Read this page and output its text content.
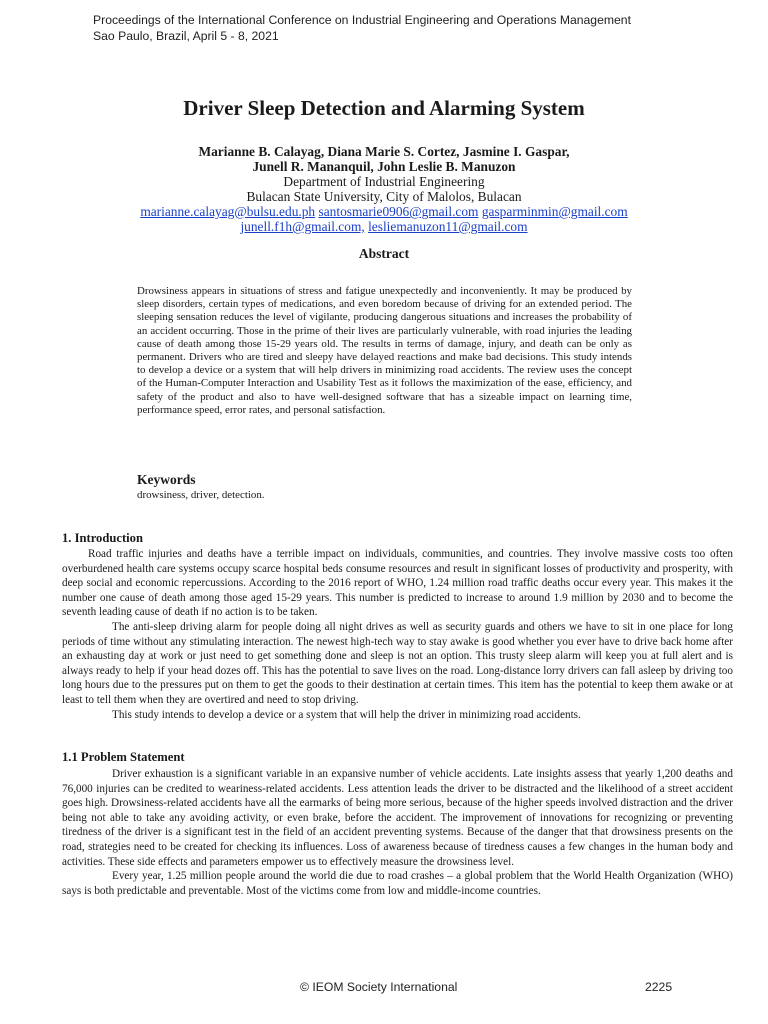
Proceedings of the International Conference on Industrial Engineering and Operations Management
Sao Paulo, Brazil, April 5 - 8, 2021
Driver Sleep Detection and Alarming System
Marianne B. Calayag, Diana Marie S. Cortez, Jasmine I. Gaspar,
Junell R. Mananquil, John Leslie B. Manuzon
Department of Industrial Engineering
Bulacan State University, City of Malolos, Bulacan
marianne.calayag@bulsu.edu.ph santosmarie0906@gmail.com gasparminmin@gmail.com
junell.f1h@gmail.com, lesliemanuzon11@gmail.com
Abstract
Drowsiness appears in situations of stress and fatigue unexpectedly and inconveniently. It may be produced by sleep disorders, certain types of medications, and even boredom because of driving for an extended period. The sleeping sensation reduces the level of vigilante, producing dangerous situations and increases the probability of an accident occurring. Those in the prime of their lives are particularly vulnerable, with road injuries the leading cause of death among those 15-29 years old. The results in terms of damage, injury, and death can be only as permanent. Drivers who are tired and sleepy have delayed reactions and make bad decisions. This study intends to develop a device or a system that will help drivers in minimizing road accidents. The review uses the concept of the Human-Computer Interaction and Usability Test as it follows the maximization of the ease, efficiency, and safety of the product and also to have well-designed software that has a sizeable impact on learning time, performance speed, error rates, and personal satisfaction.
Keywords
drowsiness, driver, detection.
1. Introduction

Road traffic injuries and deaths have a terrible impact on individuals, communities, and countries. They involve massive costs too often overburdened health care systems occupy scarce hospital beds consume resources and result in significant losses of productivity and prosperity, with deep social and economic repercussions. According to the 2016 report of WHO, 1.24 million road traffic deaths occur every year. This makes it the number one cause of death among those aged 15-29 years. This number is predicted to increase to around 1.9 million by 2030 and to become the seventh leading cause of death if no action is to be taken.

The anti-sleep driving alarm for people doing all night drives as well as security guards and others we have to sit in one place for long periods of time without any stimulating interaction. The newest high-tech way to stay awake is good whether you ever have to drive back home after an exhausting day at work or just need to get something done and sleep is not an option. This trusty sleep alarm will keep you at full alert and is always ready to help if your head dozes off. This has the potential to save lives on the road. Long-distance lorry drivers can fall asleep by driving too long hours due to the pressures put on them to get the goods to their destination at certain times. This item has the potential to keep them awake or at least to tell them when they are overtired and need to stop driving.

This study intends to develop a device or a system that will help the driver in minimizing road accidents.

1.1 Problem Statement

Driver exhaustion is a significant variable in an expansive number of vehicle accidents. Late insights assess that yearly 1,200 deaths and 76,000 injuries can be credited to weariness-related accidents. Less attention leads the driver to be distracted and the likelihood of a street accident goes high. Drowsiness-related accidents have all the earmarks of being more serious, because of the higher speeds involved distraction and the driver being not able to take any avoiding activity, or even brake, before the accident. The improvement of innovations for recognizing or preventing tiredness of the driver is a significant test in the field of an accident preventing systems. Because of the danger that that drowsiness presents on the road, strategies need to be created for checking its influences. Loss of awareness because of tiredness causes a few changes in the human body and activities. These side effects and parameters empower us to effectively measure the drowsiness level.

Every year, 1.25 million people around the world die due to road crashes – a global problem that the World Health Organization (WHO) says is both predictable and preventable. Most of the victims come from low and middle-income countries.

© IEOM Society International	2225
